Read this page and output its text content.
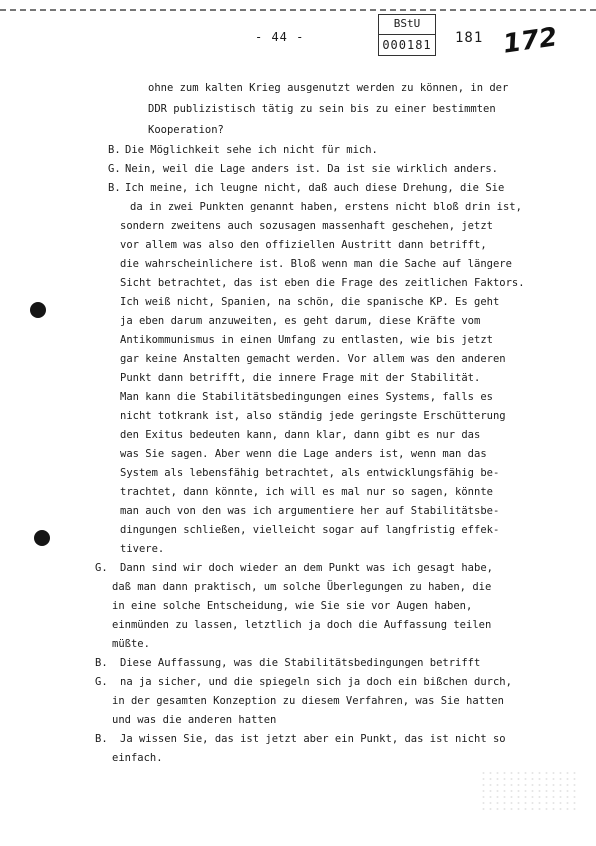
- 44 -
BStU
000181 181 172
ohne zum kalten Krieg ausgenutzt werden zu können, in der
DDR publizistisch tätig zu sein bis zu einer bestimmten
Kooperation?
B. Die Möglichkeit sehe ich nicht für mich.
G. Nein, weil die Lage anders ist. Da ist sie wirklich anders.
B. Ich meine, ich leugne nicht, daß auch diese Drehung, die Sie
da in zwei Punkten genannt haben, erstens nicht bloß drin ist,
sondern zweitens auch sozusagen massenhaft geschehen, jetzt
vor allem was also den offiziellen Austritt dann betrifft,
die wahrscheinlichere ist. Bloß wenn man die Sache auf längere
Sicht betrachtet, das ist eben die Frage des zeitlichen Faktors.
Ich weiß nicht, Spanien, na schön, die spanische KP. Es geht
ja eben darum anzuweiten, es geht darum, diese Kräfte vom
Antikommunismus in einen Umfang zu entlasten, wie bis jetzt
gar keine Anstalten gemacht werden. Vor allem was den anderen
Punkt dann betrifft, die innere Frage mit der Stabilität.
Man kann die Stabilitätsbedingungen eines Systems, falls es
nicht totkrank ist, also ständig jede geringste Erschütterung
den Exitus bedeuten kann, dann klar, dann gibt es nur das
was Sie sagen. Aber wenn die Lage anders ist, wenn man das
System als lebensfähig betrachtet, als entwicklungsfähig be-
trachtet, dann könnte, ich will es mal nur so sagen, könnte
man auch von den was ich argumentiere her auf Stabilitätsbe-
dingungen schließen, vielleicht sogar auf langfristig effek-
tivere.
G. Dann sind wir doch wieder an dem Punkt was ich gesagt habe,
daß man dann praktisch, um solche Überlegungen zu haben, die
in eine solche Entscheidung, wie Sie sie vor Augen haben,
einmünden zu lassen, letztlich ja doch die Auffassung teilen
müßte.
B. Diese Auffassung, was die Stabilitätsbedingungen betrifft
G. na ja sicher, und die spiegeln sich ja doch ein bißchen durch,
in der gesamten Konzeption zu diesem Verfahren, was Sie hatten
und was die anderen hatten
B. Ja wissen Sie, das ist jetzt aber ein Punkt, das ist nicht so
einfach.
